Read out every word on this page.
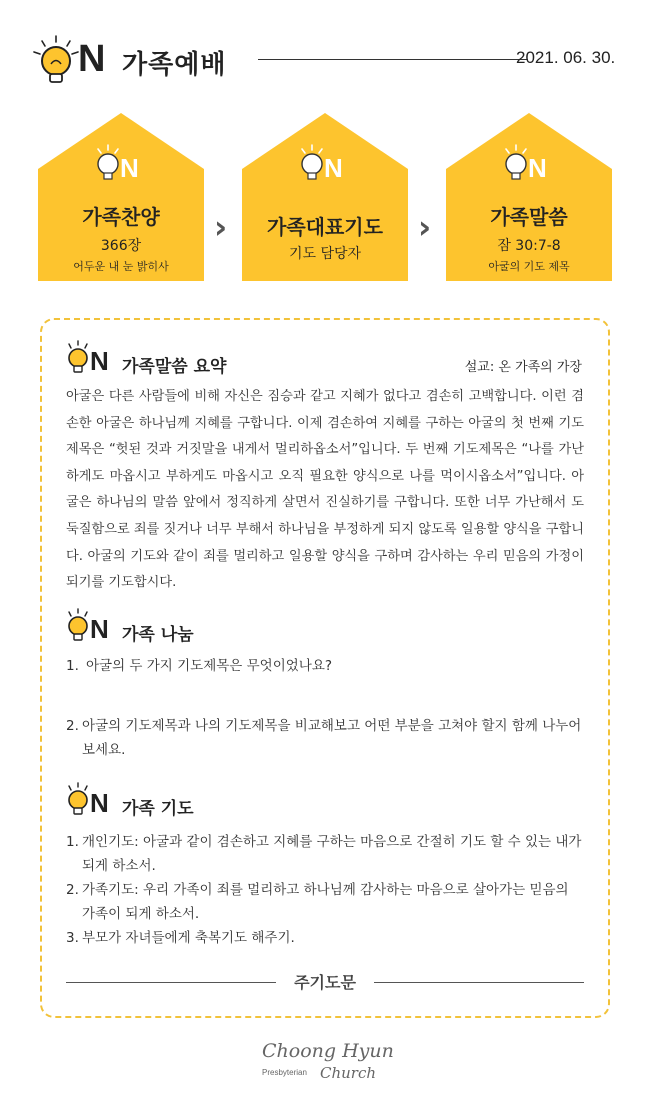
N 가족예배	2021. 06. 30.
N
가족찬양
366장
어두운 내 눈 밝히사
›
N
가족대표기도
기도 담당자
›
N
가족말씀
잠 30:7-8
아굴의 기도 제목
N 가족말씀 요약	설교: 온 가족의 가장
아굴은 다른 사람들에 비해 자신은 짐승과 같고 지혜가 없다고 겸손히 고백합니다. 이런 겸손한 아굴은 하나님께 지혜를 구합니다. 이제 겸손하여 지혜를 구하는 아굴의 첫 번째 기도제목은 “헛된 것과 거짓말을 내게서 멀리하옵소서”입니다. 두 번째 기도제목은 “나를 가난하게도 마옵시고 부하게도 마옵시고 오직 필요한 양식으로 나를 먹이시옵소서”입니다. 아굴은 하나님의 말씀 앞에서 정직하게 살면서 진실하기를 구합니다. 또한 너무 가난해서 도둑질함으로 죄를 짓거나 너무 부해서 하나님을 부정하게 되지 않도록 일용할 양식을 구합니다. 아굴의 기도와 같이 죄를 멀리하고 일용할 양식을 구하며 감사하는 우리 믿음의 가정이 되기를 기도합시다.
N 가족 나눔
1. 아굴의 두 가지 기도제목은 무엇이었나요?
2. 아굴의 기도제목과 나의 기도제목을 비교해보고 어떤 부분을 고쳐야 할지 함께 나누어보세요.
N 가족 기도
1. 개인기도: 아굴과 같이 겸손하고 지혜를 구하는 마음으로 간절히 기도 할 수 있는 내가 되게 하소서.
2. 가족기도: 우리 가족이 죄를 멀리하고 하나님께 감사하는 마음으로 살아가는 믿음의 가족이 되게 하소서.
3. 부모가 자녀들에게 축복기도 해주기.
주기도문
Choong Hyun
Presbyterian Church
